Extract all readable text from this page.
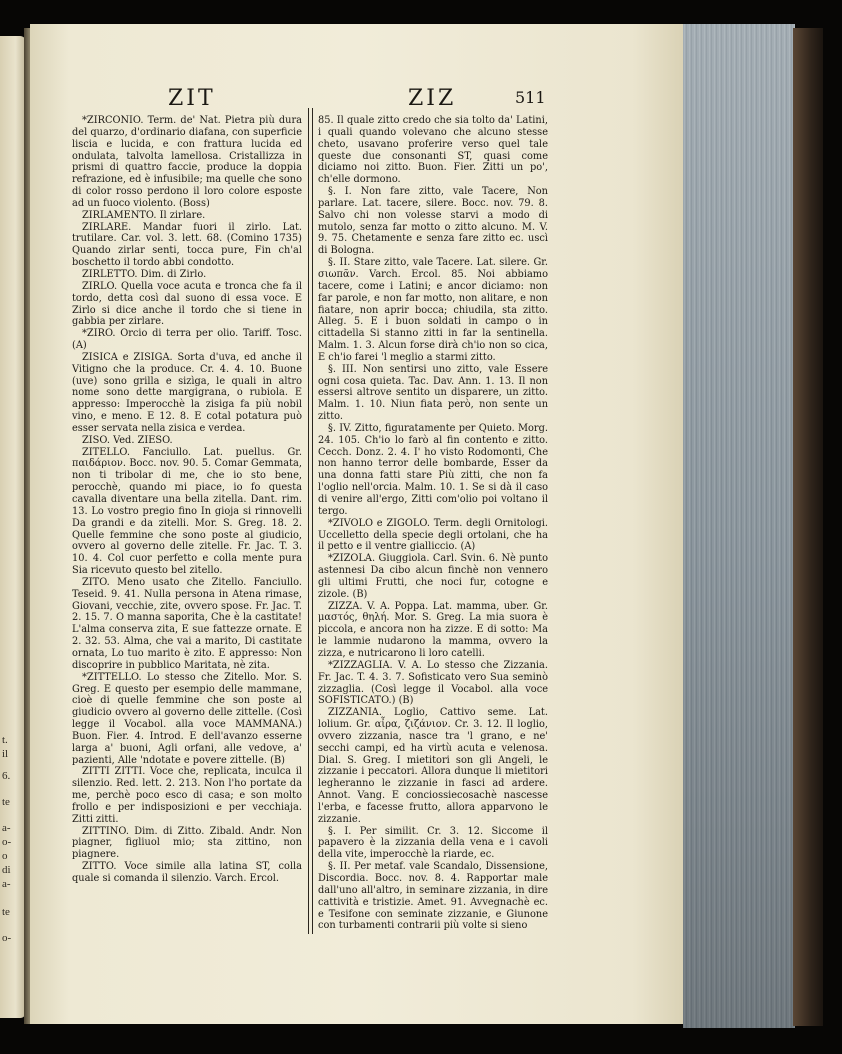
t.
il
6.
te
a-
o-
o
di
a-
te
o-
ZIT	ZIZ	511

*ZIRCONIO. Term. de' Nat. Pietra più dura del quarzo, d'ordinario diafana, con superficie liscia e lucida, e con frattura lucida ed ondulata, talvolta lamellosa. Cristallizza in prismi di quattro faccie, produce la doppia refrazione, ed è infusibile; ma quelle che sono di color rosso perdono il loro colore esposte ad un fuoco violento. (Boss)

ZIRLAMENTO. Il zirlare.

ZIRLARE. Mandar fuori il zirlo. Lat. trutilare. Car. vol. 3. lett. 68. (Comino 1735) Quando zirlar senti, tocca pure, Fin ch'al boschetto il tordo abbi condotto.

ZIRLETTO. Dim. di Zirlo.

ZIRLO. Quella voce acuta e tronca che fa il tordo, detta così dal suono di essa voce. E Zirlo si dice anche il tordo che si tiene in gabbia per zirlare.

*ZIRO. Orcio di terra per olio. Tariff. Tosc. (A)

ZISICA e ZISIGA. Sorta d'uva, ed anche il Vitigno che la produce. Cr. 4. 4. 10. Buone (uve) sono grilla e sizìga, le quali in altro nome sono dette margigrana, o rubiola. E appresso: Imperocchè la zisiga fa più nobil vino, e meno. E 12. 8. E cotal potatura può esser servata nella zisica e verdea.

ZISO. Ved. ZIESO.

ZITELLO. Fanciullo. Lat. puellus. Gr. παιδάριον. Bocc. nov. 90. 5. Comar Gemmata, non ti tribolar di me, che io sto bene, perocchè, quando mi piace, io fo questa cavalla diventare una bella zitella. Dant. rim. 13. Lo vostro pregio fino In gioja si rinnovelli Da grandi e da zitelli. Mor. S. Greg. 18. 2. Quelle femmine che sono poste al giudicio, ovvero al governo delle zitelle. Fr. Jac. T. 3. 10. 4. Col cuor perfetto e colla mente pura Sia ricevuto questo bel zitello.

ZITO. Meno usato che Zitello. Fanciullo. Teseid. 9. 41. Nulla persona in Atena rimase, Giovani, vecchie, zite, ovvero spose. Fr. Jac. T. 2. 15. 7. O manna saporita, Che è la castitate! L'alma conserva zita, E sue fattezze ornate. E 2. 32. 53. Alma, che vai a marito, Di castitate ornata, Lo tuo marito è zito. E appresso: Non discoprire in pubblico Maritata, nè zita.

*ZITTELLO. Lo stesso che Zitello. Mor. S. Greg. E questo per esempio delle mammane, cioè di quelle femmine che son poste al giudicio ovvero al governo delle zittelle. (Così legge il Vocabol. alla voce MAMMANA.) Buon. Fier. 4. Introd. E dell'avanzo esserne larga a' buoni, Agli orfani, alle vedove, a' pazienti, Alle 'ndotate e povere zittelle. (B)

ZITTI ZITTI. Voce che, replicata, inculca il silenzio. Red. lett. 2. 213. Non l'ho portate da me, perchè poco esco di casa; e son molto frollo e per indisposizioni e per vecchiaja. Zitti zitti.

ZITTINO. Dim. di Zitto. Zibald. Andr. Non piagner, figliuol mio; sta zittino, non piagnere.

ZITTO. Voce simile alla latina ST, colla quale si comanda il silenzio. Varch. Ercol.

85. Il quale zitto credo che sia tolto da' Latini, i quali quando volevano che alcuno stesse cheto, usavano proferire verso quel tale queste due consonanti ST, quasi come diciamo noi zitto. Buon. Fier. Zitti un po', ch'elle dormono.

§. I. Non fare zitto, vale Tacere, Non parlare. Lat. tacere, silere. Bocc. nov. 79. 8. Salvo chi non volesse starvi a modo di mutolo, senza far motto o zitto alcuno. M. V. 9. 75. Chetamente e senza fare zitto ec. uscì di Bologna.

§. II. Stare zitto, vale Tacere. Lat. silere. Gr. σιωπᾶν. Varch. Ercol. 85. Noi abbiamo tacere, come i Latini; e ancor diciamo: non far parole, e non far motto, non alitare, e non fiatare, non aprir bocca; chiudila, sta zitto. Alleg. 5. E i buon soldati in campo o in cittadella Si stanno zitti in far la sentinella. Malm. 1. 3. Alcun forse dirà ch'io non so cica, E ch'io farei 'l meglio a starmi zitto.

§. III. Non sentirsi uno zitto, vale Essere ogni cosa quieta. Tac. Dav. Ann. 1. 13. Il non essersi altrove sentito un disparere, un zitto. Malm. 1. 10. Niun fiata però, non sente un zitto.

§. IV. Zitto, figuratamente per Quieto. Morg. 24. 105. Ch'io lo farò al fin contento e zitto. Cecch. Donz. 2. 4. I' ho visto Rodomonti, Che non hanno terror delle bombarde, Esser da una donna fatti stare Più zitti, che non fa l'oglio nell'orcia. Malm. 10. 1. Se si dà il caso di venire all'ergo, Zitti com'olio poi voltano il tergo.

*ZIVOLO e ZIGOLO. Term. degli Ornitologi. Uccelletto della specie degli ortolani, che ha il petto e il ventre gialliccio. (A)

*ZIZOLA. Giuggiola. Carl. Svin. 6. Nè punto astennesi Da cibo alcun finchè non vennero gli ultimi Frutti, che noci fur, cotogne e zizole. (B)

ZIZZA. V. A. Poppa. Lat. mamma, uber. Gr. μαστός, θηλή. Mor. S. Greg. La mia suora è piccola, e ancora non ha zizze. E di sotto: Ma le lammie nudarono la mamma, ovvero la zizza, e nutricarono li loro catelli.

*ZIZZAGLIA. V. A. Lo stesso che Zizzania. Fr. Jac. T. 4. 3. 7. Sofisticato vero Sua seminò zizzaglia. (Così legge il Vocabol. alla voce SOFISTICATO.) (B)

ZIZZANIA. Loglio, Cattivo seme. Lat. lolium. Gr. αἶρα, ζιζάνιον. Cr. 3. 12. Il loglio, ovvero zizzania, nasce tra 'l grano, e ne' secchi campi, ed ha virtù acuta e velenosa. Dial. S. Greg. I mietitori son gli Angeli, le zizzanie i peccatori. Allora dunque li mietitori legheranno le zizzanie in fasci ad ardere. Annot. Vang. E conciossiecosachè nascesse l'erba, e facesse frutto, allora apparvono le zizzanie.

§. I. Per similit. Cr. 3. 12. Siccome il papavero è la zizzania della vena e i cavoli della vite, imperocchè la riarde, ec.

§. II. Per metaf. vale Scandalo, Dissensione, Discordia. Bocc. nov. 8. 4. Rapportar male dall'uno all'altro, in seminare zizzania, in dire cattività e tristizie. Amet. 91. Avvegnachè ec. e Tesifone con seminate zizzanie, e Giunone con turbamenti contrarii più volte si sieno
